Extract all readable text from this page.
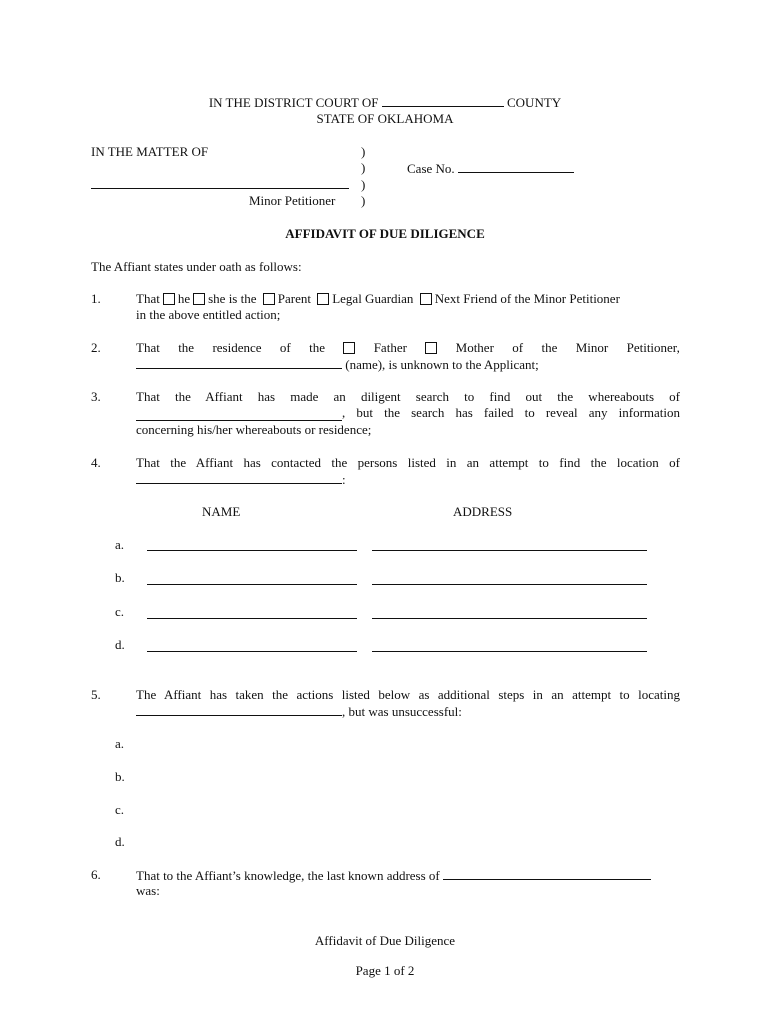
IN THE DISTRICT COURT OF	COUNTY
STATE OF OKLAHOMA
IN THE MATTER OF	)
)
)
)
Case No.
Minor Petitioner
AFFIDAVIT OF DUE DILIGENCE
The Affiant states under oath as follows:
1.	That he she is the Parent Legal Guardian Next Friend of the Minor Petitioner
in the above entitled action;
2.	That the residence of the	Father	Mother of the Minor Petitioner,
(name), is unknown to the Applicant;
3.	That the Affiant has made an diligent search to find out the whereabouts of
, but the search has failed to reveal any information
concerning his/her whereabouts or residence;
4.	That the Affiant has contacted the persons listed in an attempt to find the location of
:
NAME	ADDRESS
a.
b.
c.
d.
5.	The Affiant has taken the actions listed below as additional steps in an attempt to locating
, but was unsuccessful:
a.
b.
c.
d.
6.	That to the Affiant’s knowledge, the last known address of
was:
Affidavit of Due Diligence
Page 1 of 2
